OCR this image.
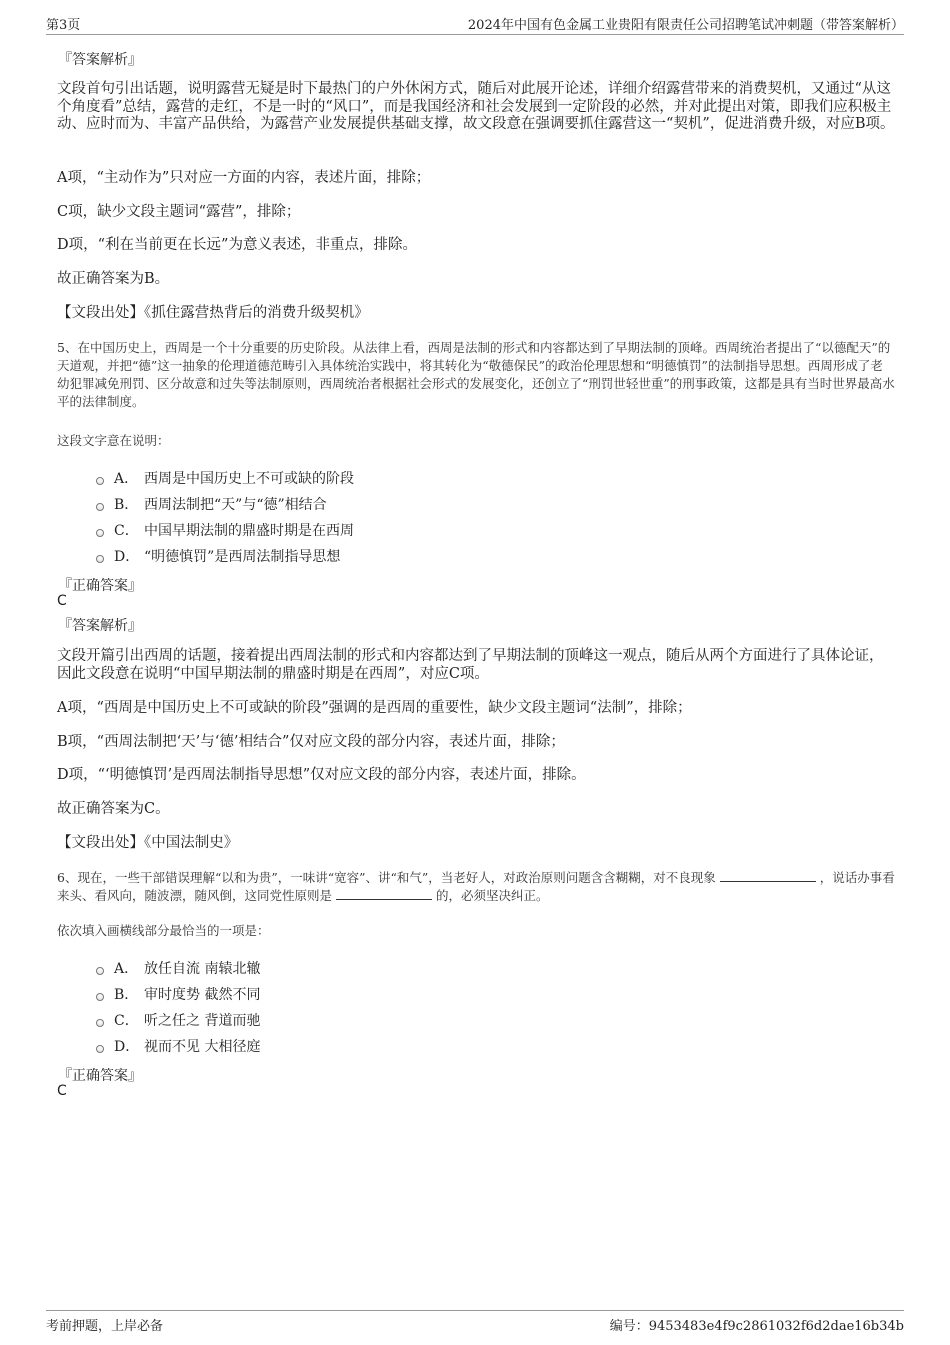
第3页	2024年中国有色金属工业贵阳有限责任公司招聘笔试冲刺题（带答案解析）
『答案解析』
文段首句引出话题，说明露营无疑是时下最热门的户外休闲方式，随后对此展开论述，详细介绍露营带来的消费契机，又通过“从这个角度看”总结，露营的走红，不是一时的“风口”，而是我国经济和社会发展到一定阶段的必然，并对此提出对策，即我们应积极主动、应时而为、丰富产品供给，为露营产业发展提供基础支撑，故文段意在强调要抓住露营这一“契机”，促进消费升级，对应B项。
A项，“主动作为”只对应一方面的内容，表述片面，排除；
C项，缺少文段主题词“露营”，排除；
D项，“利在当前更在长远”为意义表述，非重点，排除。
故正确答案为B。
【文段出处】《抓住露营热背后的消费升级契机》
5、在中国历史上，西周是一个十分重要的历史阶段。从法律上看，西周是法制的形式和内容都达到了早期法制的顶峰。西周统治者提出了“以德配天”的天道观，并把“德”这一抽象的伦理道德范畴引入具体统治实践中，将其转化为“敬德保民”的政治伦理思想和“明德慎罚”的法制指导思想。西周形成了老幼犯罪减免刑罚、区分故意和过失等法制原则，西周统治者根据社会形式的发展变化，还创立了“刑罚世轻世重”的刑事政策，这都是具有当时世界最高水平的法律制度。
这段文字意在说明：
A． 西周是中国历史上不可或缺的阶段
B． 西周法制把“天”与“德”相结合
C． 中国早期法制的鼎盛时期是在西周
D． “明德慎罚”是西周法制指导思想
『正确答案』
C
『答案解析』
文段开篇引出西周的话题，接着提出西周法制的形式和内容都达到了早期法制的顶峰这一观点，随后从两个方面进行了具体论证，因此文段意在说明“中国早期法制的鼎盛时期是在西周”，对应C项。
A项，“西周是中国历史上不可或缺的阶段”强调的是西周的重要性，缺少文段主题词“法制”，排除；
B项，“西周法制把‘天’与‘德’相结合”仅对应文段的部分内容，表述片面，排除；
D项，“‘明德慎罚’是西周法制指导思想”仅对应文段的部分内容，表述片面，排除。
故正确答案为C。
【文段出处】《中国法制史》
6、现在，一些干部错误理解“以和为贵”，一味讲“宽容”、讲“和气”，当老好人，对政治原则问题含含糊糊，对不良现象	，说话办事看来头、看风向，随波漂，随风倒，这同党性原则是	的，必须坚决纠正。
依次填入画横线部分最恰当的一项是：
A． 放任自流 南辕北辙
B． 审时度势 截然不同
C． 听之任之 背道而驰
D． 视而不见 大相径庭
『正确答案』
C
考前押题，上岸必备	编号：9453483e4f9c2861032f6d2dae16b34b
